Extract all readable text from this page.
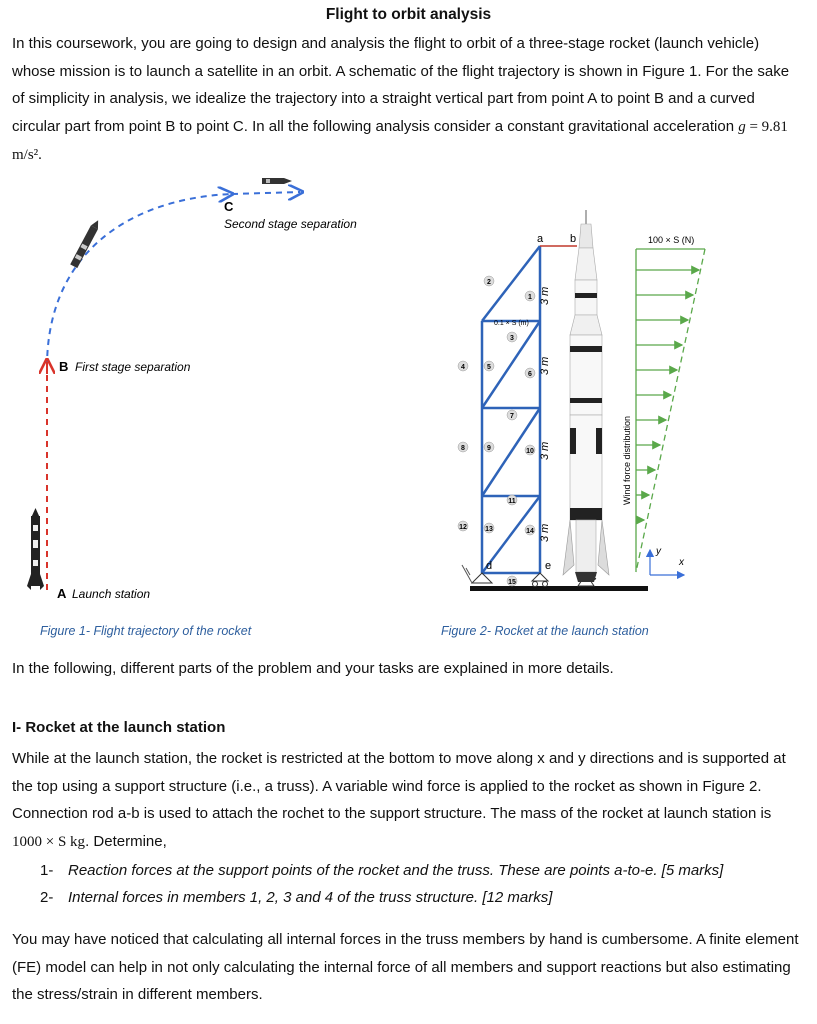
Flight to orbit analysis
In this coursework, you are going to design and analysis the flight to orbit of a three-stage rocket (launch vehicle) whose mission is to launch a satellite in an orbit. A schematic of the flight trajectory is shown in Figure 1. For the sake of simplicity in analysis, we idealize the trajectory into a straight vertical part from point A to point B and a curved circular part from point B to point C. In all the following analysis consider a constant gravitational acceleration g = 9.81 m/s².
C
Second stage separation
B First stage separation
A Launch station
Figure 1- Flight trajectory of the rocket
a b
d	e
2
1
3
4	5
6
7
8	9	10
11
12	13	14
15
0.1 × S (m)
3 m
3 m
3 m
3 m
100 × S (N)
Wind force distribution
y
x
Figure 2- Rocket at the launch station
In the following, different parts of the problem and your tasks are explained in more details.
I- Rocket at the launch station
While at the launch station, the rocket is restricted at the bottom to move along x and y directions and is supported at the top using a support structure (i.e., a truss). A variable wind force is applied to the rocket as shown in Figure 2. Connection rod a-b is used to attach the rochet to the support structure. The mass of the rocket at launch station is 1000 × S kg. Determine,
1- Reaction forces at the support points of the rocket and the truss. These are points a-to-e. [5 marks]
2- Internal forces in members 1, 2, 3 and 4 of the truss structure. [12 marks]
You may have noticed that calculating all internal forces in the truss members by hand is cumbersome. A finite element (FE) model can help in not only calculating the internal force of all members and support reactions but also estimating the stress/strain in different members.
